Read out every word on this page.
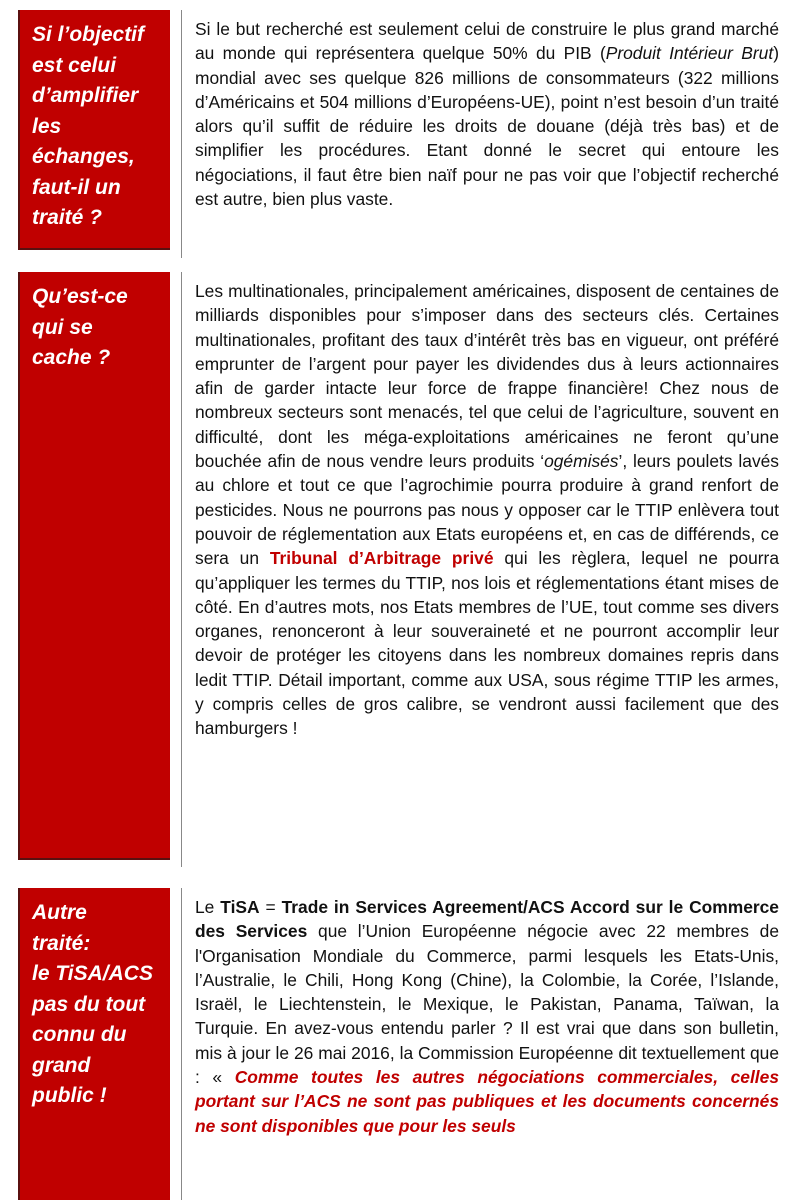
Si l’objectif
est celui
d’amplifier
les
échanges,
faut-il un
traité ?

Si le but recherché est seulement celui de construire le plus grand marché au monde qui représentera quelque 50% du PIB (Produit Intérieur Brut) mondial avec ses quelque 826 millions de consommateurs (322 millions d’Américains et 504 millions d’Européens-UE), point n’est besoin d’un traité alors qu’il suffit de réduire les droits de douane (déjà très bas) et de simplifier les procédures. Etant donné le secret qui entoure les négociations, il faut être bien naïf pour ne pas voir que l’objectif recherché est autre, bien plus vaste.

Qu’est-ce
qui se
cache ?

Les multinationales, principalement américaines, disposent de centaines de milliards disponibles pour s’imposer dans des secteurs clés. Certaines multinationales, profitant des taux d’intérêt très bas en vigueur, ont préféré emprunter de l’argent pour payer les dividendes dus à leurs actionnaires afin de garder intacte leur force de frappe financière! Chez nous de nombreux secteurs sont menacés, tel que celui de l’agriculture, souvent en difficulté, dont les méga-exploitations américaines ne feront qu’une bouchée afin de nous vendre leurs produits ‘ogémisés’, leurs poulets lavés au chlore et tout ce que l’agrochimie pourra produire à grand renfort de pesticides. Nous ne pourrons pas nous y opposer car le TTIP enlèvera tout pouvoir de réglementation aux Etats européens et, en cas de différends, ce sera un Tribunal d’Arbitrage privé qui les règlera, lequel ne pourra qu’appliquer les termes du TTIP, nos lois et réglementations étant mises de côté. En d’autres mots, nos Etats membres de l’UE, tout comme ses divers organes, renonceront à leur souveraineté et ne pourront accomplir leur devoir de protéger les citoyens dans les nombreux domaines repris dans ledit TTIP. Détail important, comme aux USA, sous régime TTIP les armes, y compris celles de gros calibre, se vendront aussi facilement que des hamburgers !

Autre
traité:
le TiSA/ACS
pas du tout
connu du
grand
public !

Le TiSA = Trade in Services Agreement/ACS Accord sur le Commerce des Services que l’Union Européenne négocie avec 22 membres de l'Organisation Mondiale du Commerce, parmi lesquels les Etats-Unis, l’Australie, le Chili, Hong Kong (Chine), la Colombie, la Corée, l’Islande, Israël, le Liechtenstein, le Mexique, le Pakistan, Panama, Taïwan, la Turquie. En avez-vous entendu parler ? Il est vrai que dans son bulletin, mis à jour le 26 mai 2016, la Commission Européenne dit textuellement que : « Comme toutes les autres négociations commerciales, celles portant sur l’ACS ne sont pas publiques et les documents concernés ne sont disponibles que pour les seuls
